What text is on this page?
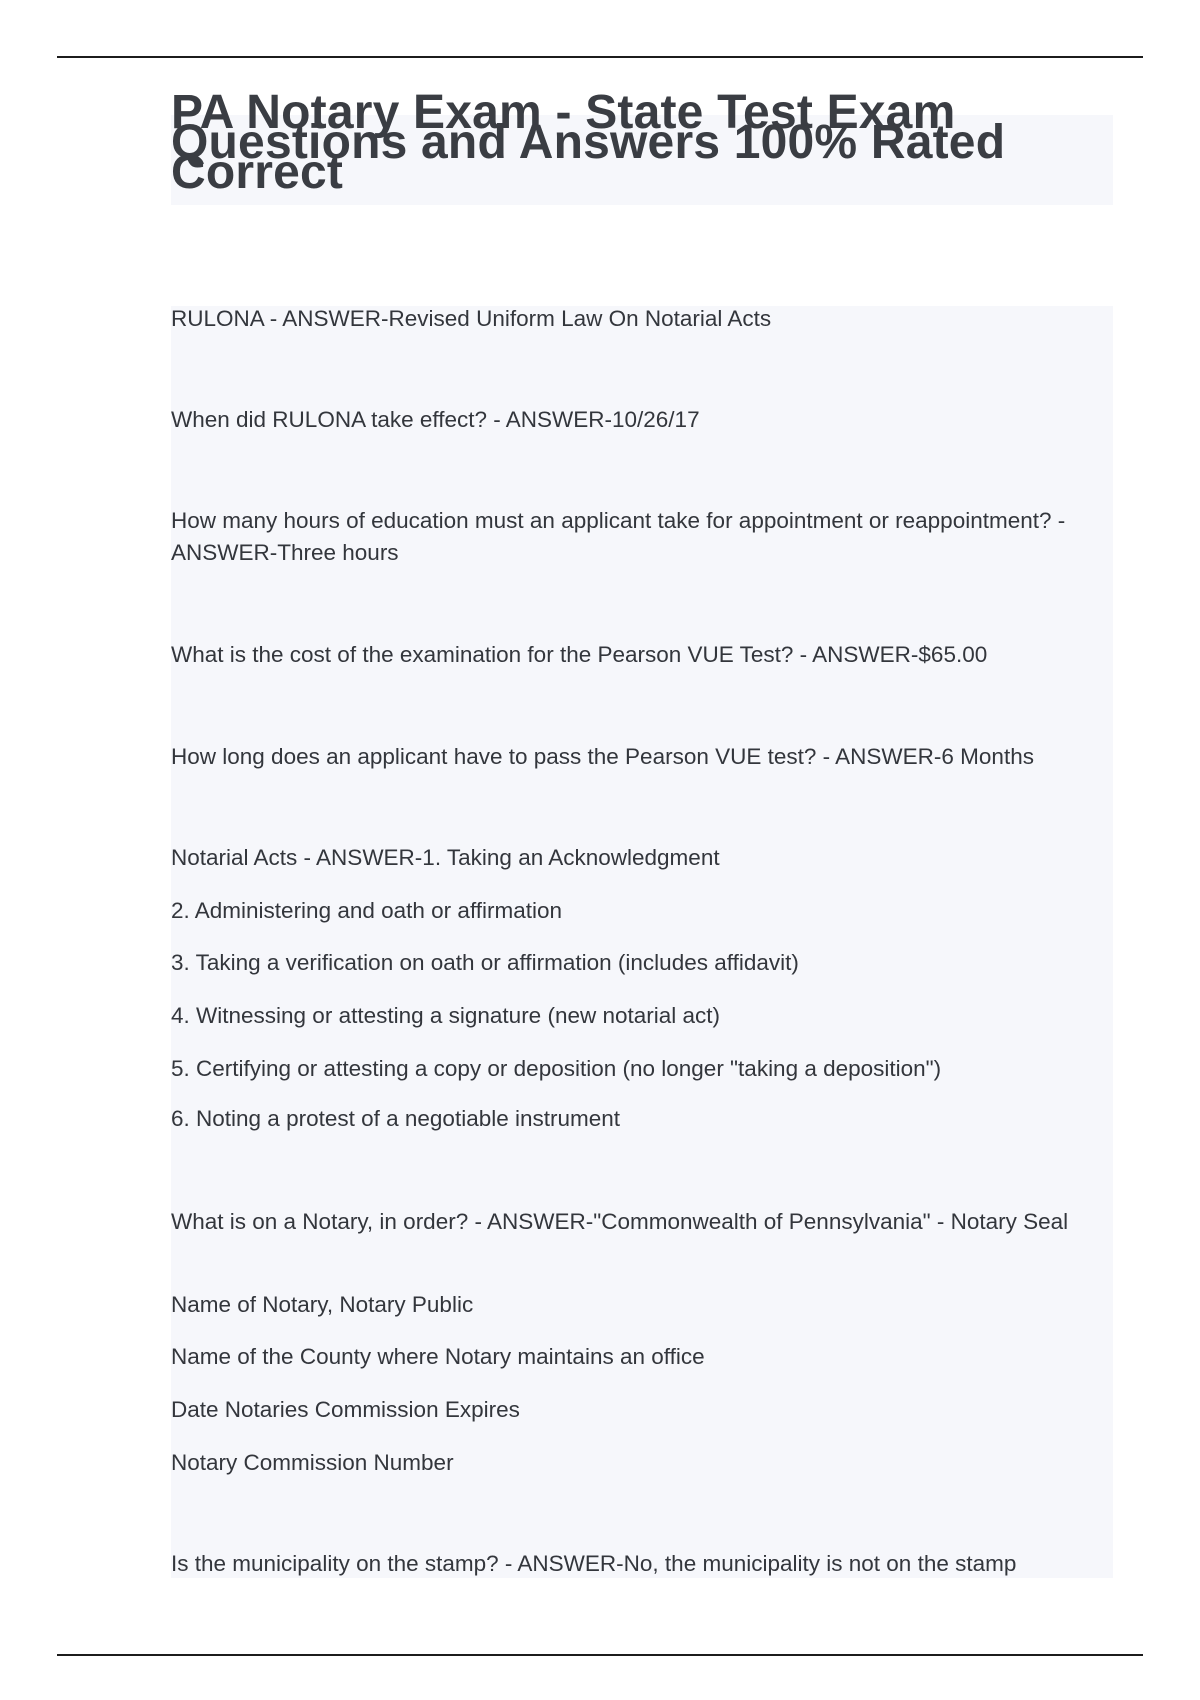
PA Notary Exam - State Test Exam Questions and Answers 100% Rated Correct

RULONA - ANSWER-Revised Uniform Law On Notarial Acts

When did RULONA take effect? - ANSWER-10/26/17

How many hours of education must an applicant take for appointment or reappointment? - ANSWER-Three hours

What is the cost of the examination for the Pearson VUE Test? - ANSWER-$65.00

How long does an applicant have to pass the Pearson VUE test? - ANSWER-6 Months

Notarial Acts - ANSWER-1. Taking an Acknowledgment

2. Administering and oath or affirmation

3. Taking a verification on oath or affirmation (includes affidavit)

4. Witnessing or attesting a signature (new notarial act)

5. Certifying or attesting a copy or deposition (no longer "taking a deposition")

6. Noting a protest of a negotiable instrument

What is on a Notary, in order? - ANSWER-"Commonwealth of Pennsylvania" - Notary Seal

Name of Notary, Notary Public

Name of the County where Notary maintains an office

Date Notaries Commission Expires

Notary Commission Number

Is the municipality on the stamp? - ANSWER-No, the municipality is not on the stamp
